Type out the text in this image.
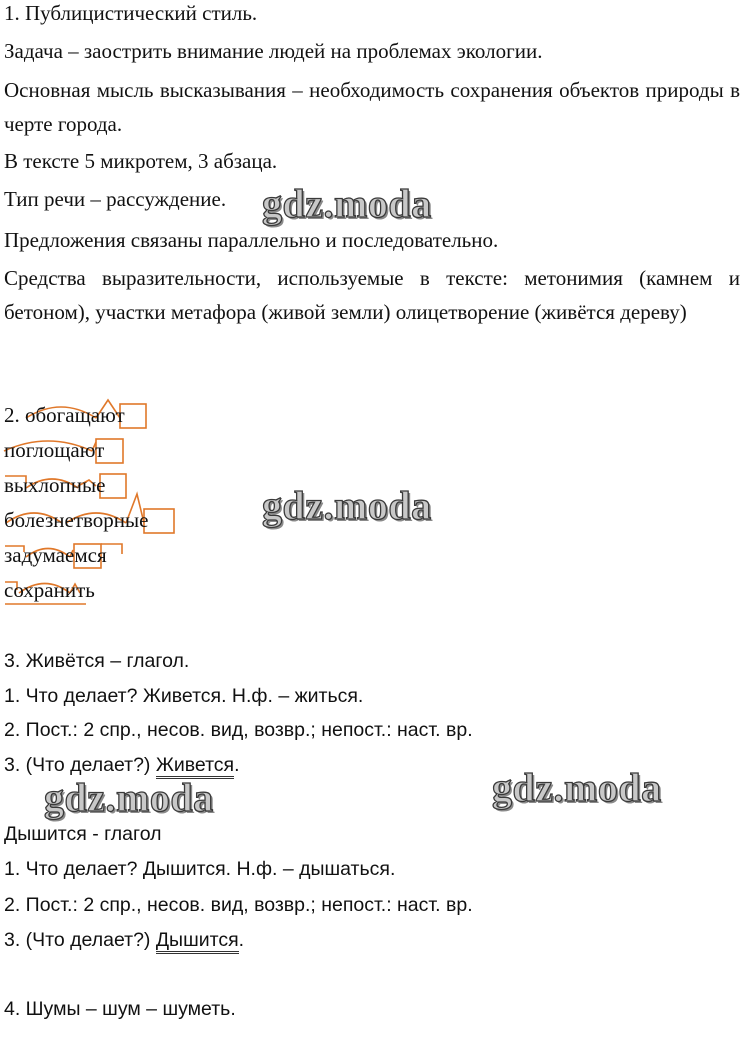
1. Публицистический стиль.

Задача – заострить внимание людей на проблемах экологии.

Основная мысль высказывания – необходимость сохранения объектов природы в черте города.

В тексте 5 микротем, 3 абзаца.

Тип речи – рассуждение.

Предложения связаны параллельно и последовательно.

Средства выразительности, используемые в тексте: метонимия (камнем и бетоном), участки метафора (живой земли) олицетворение (живётся дереву)

2. обогащают

поглощают

выхлопные

болезнетворные

задумаемся

сохранить

3. Живётся – глагол.

1. Что делает? Живется. Н.ф. – житься.

2. Пост.: 2 спр., несов. вид, возвр.; непост.: наст. вр.

3. (Что делает?) Живется.

Дышится - глагол

1. Что делает? Дышится. Н.ф. – дышаться.

2. Пост.: 2 спр., несов. вид, возвр.; непост.: наст. вр.

3. (Что делает?) Дышится.

4. Шумы – шум – шуметь.

gdz.moda
gdz.moda
gdz.moda	gdz.moda
